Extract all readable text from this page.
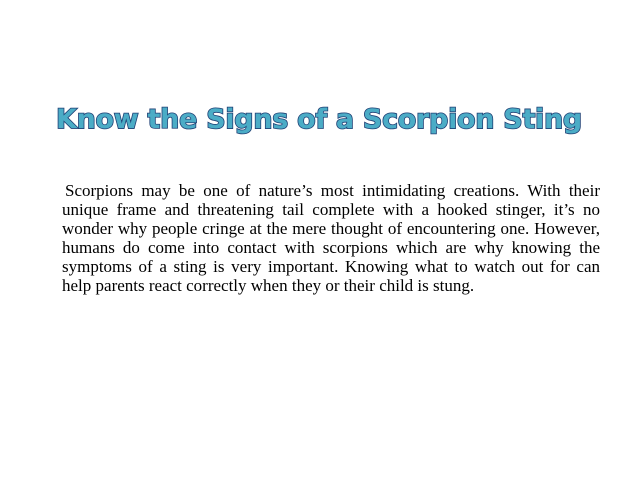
Know the Signs of a Scorpion Sting

Scorpions may be one of nature’s most intimidating creations. With their unique frame and threatening tail complete with a hooked stinger, it’s no wonder why people cringe at the mere thought of encountering one. However, humans do come into contact with scorpions which are why knowing the symptoms of a sting is very important. Knowing what to watch out for can help parents react correctly when they or their child is stung.
